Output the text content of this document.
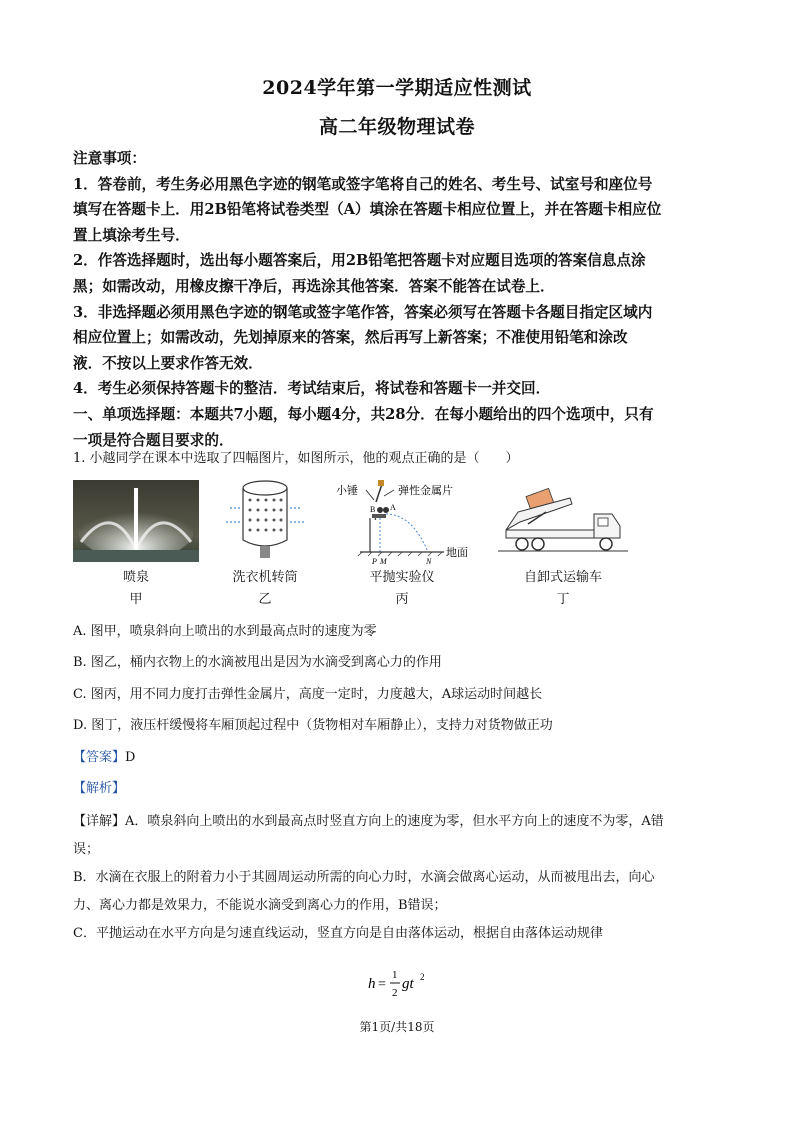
2024学年第一学期适应性测试
高二年级物理试卷

注意事项：

1．答卷前，考生务必用黑色字迹的钢笔或签字笔将自己的姓名、考生号、试室号和座位号

填写在答题卡上．用2B铅笔将试卷类型（A）填涂在答题卡相应位置上，并在答题卡相应位

置上填涂考生号．

2．作答选择题时，选出每小题答案后，用2B铅笔把答题卡对应题目选项的答案信息点涂

黑；如需改动，用橡皮擦干净后，再选涂其他答案．答案不能答在试卷上．

3．非选择题必须用黑色字迹的钢笔或签字笔作答，答案必须写在答题卡各题目指定区域内

相应位置上；如需改动，先划掉原来的答案，然后再写上新答案；不准使用铅笔和涂改

液．不按以上要求作答无效．

4．考生必须保持答题卡的整洁．考试结束后，将试卷和答题卡一并交回．

一、单项选择题：本题共7小题，每小题4分，共28分．在每小题给出的四个选项中，只有

一项是符合题目要求的．

1. 小越同学在课本中选取了四幅图片，如图所示，他的观点正确的是（　　）
喷泉
甲
洗衣机转筒
乙
小锤	弹性金属片
B A
地面
P M	N
平抛实验仪
丙
自卸式运输车
丁
A. 图甲，喷泉斜向上喷出的水到最高点时的速度为零
B. 图乙，桶内衣物上的水滴被甩出是因为水滴受到离心力的作用
C. 图丙，用不同力度打击弹性金属片，高度一定时，力度越大，A球运动时间越长
D. 图丁，液压杆缓慢将车厢顶起过程中（货物相对车厢静止），支持力对货物做正功
【答案】D
【解析】

【详解】A．喷泉斜向上喷出的水到最高点时竖直方向上的速度为零，但水平方向上的速度不为零，A错

误；

B．水滴在衣服上的附着力小于其圆周运动所需的向心力时，水滴会做离心运动，从而被甩出去，向心

力、离心力都是效果力，不能说水滴受到离心力的作用，B错误；

C．平抛运动在水平方向是匀速直线运动，竖直方向是自由落体运动，根据自由落体运动规律

h =
1
2
gt 2
第1页/共18页
